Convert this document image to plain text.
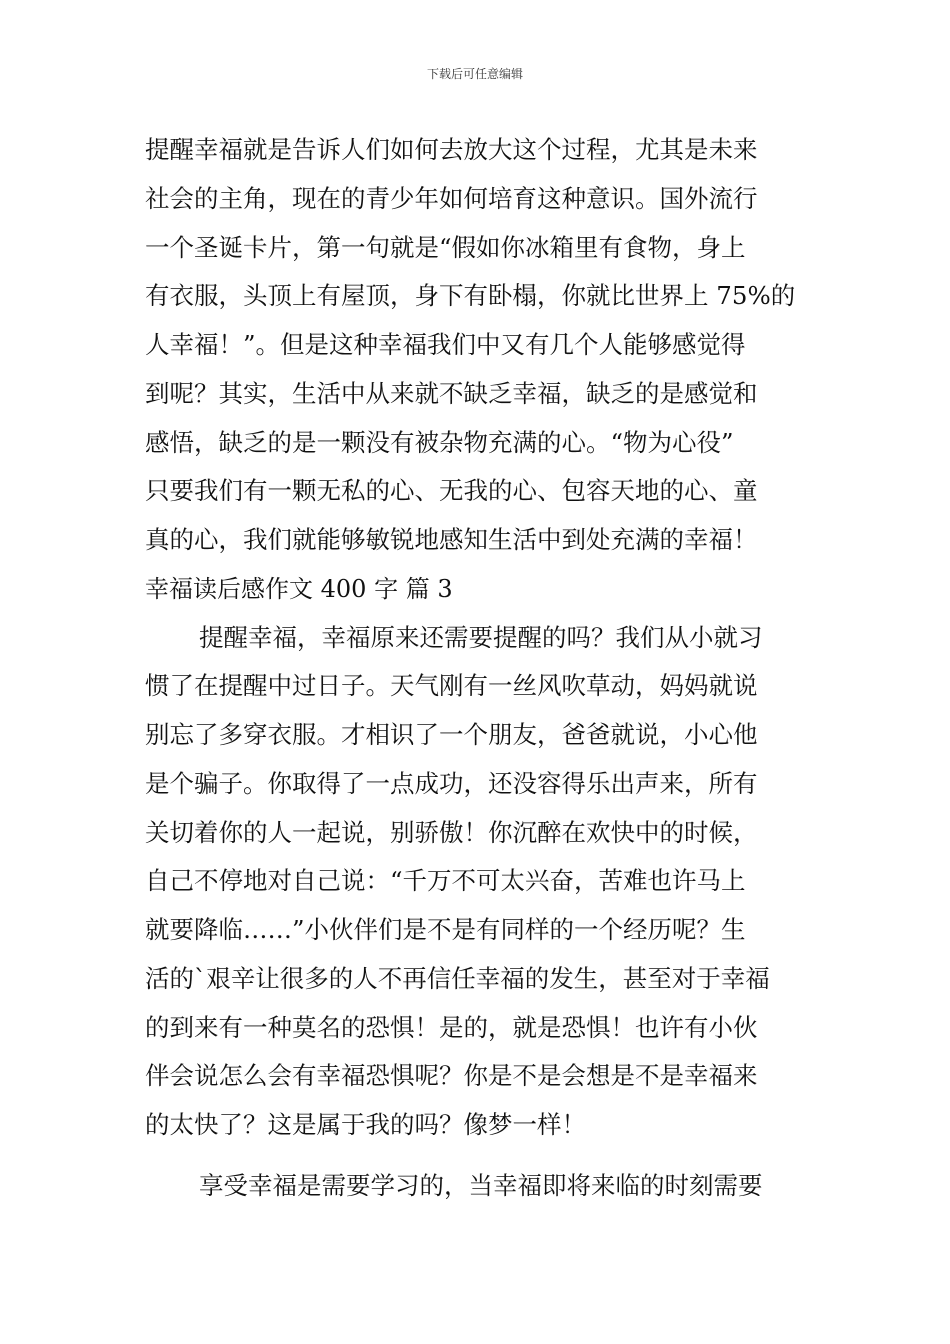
下载后可任意编辑
提醒幸福就是告诉人们如何去放大这个过程，尤其是未来
社会的主角，现在的青少年如何培育这种意识。国外流行
一个圣诞卡片，第一句就是“假如你冰箱里有食物，身上
有衣服，头顶上有屋顶，身下有卧榻，你就比世界上 75%的
人幸福！”。但是这种幸福我们中又有几个人能够感觉得
到呢？其实，生活中从来就不缺乏幸福，缺乏的是感觉和
感悟，缺乏的是一颗没有被杂物充满的心。“物为心役”
只要我们有一颗无私的心、无我的心、包容天地的心、童
真的心，我们就能够敏锐地感知生活中到处充满的幸福！
幸福读后感作文 400 字 篇 3
提醒幸福，幸福原来还需要提醒的吗？我们从小就习
惯了在提醒中过日子。天气刚有一丝风吹草动，妈妈就说
别忘了多穿衣服。才相识了一个朋友，爸爸就说，小心他
是个骗子。你取得了一点成功，还没容得乐出声来，所有
关切着你的人一起说，别骄傲！你沉醉在欢快中的时候，
自己不停地对自己说：“千万不可太兴奋，苦难也许马上
就要降临……”小伙伴们是不是有同样的一个经历呢？生
活的`艰辛让很多的人不再信任幸福的发生，甚至对于幸福
的到来有一种莫名的恐惧！是的，就是恐惧！也许有小伙
伴会说怎么会有幸福恐惧呢？你是不是会想是不是幸福来
的太快了？这是属于我的吗？像梦一样！
享受幸福是需要学习的，当幸福即将来临的时刻需要
